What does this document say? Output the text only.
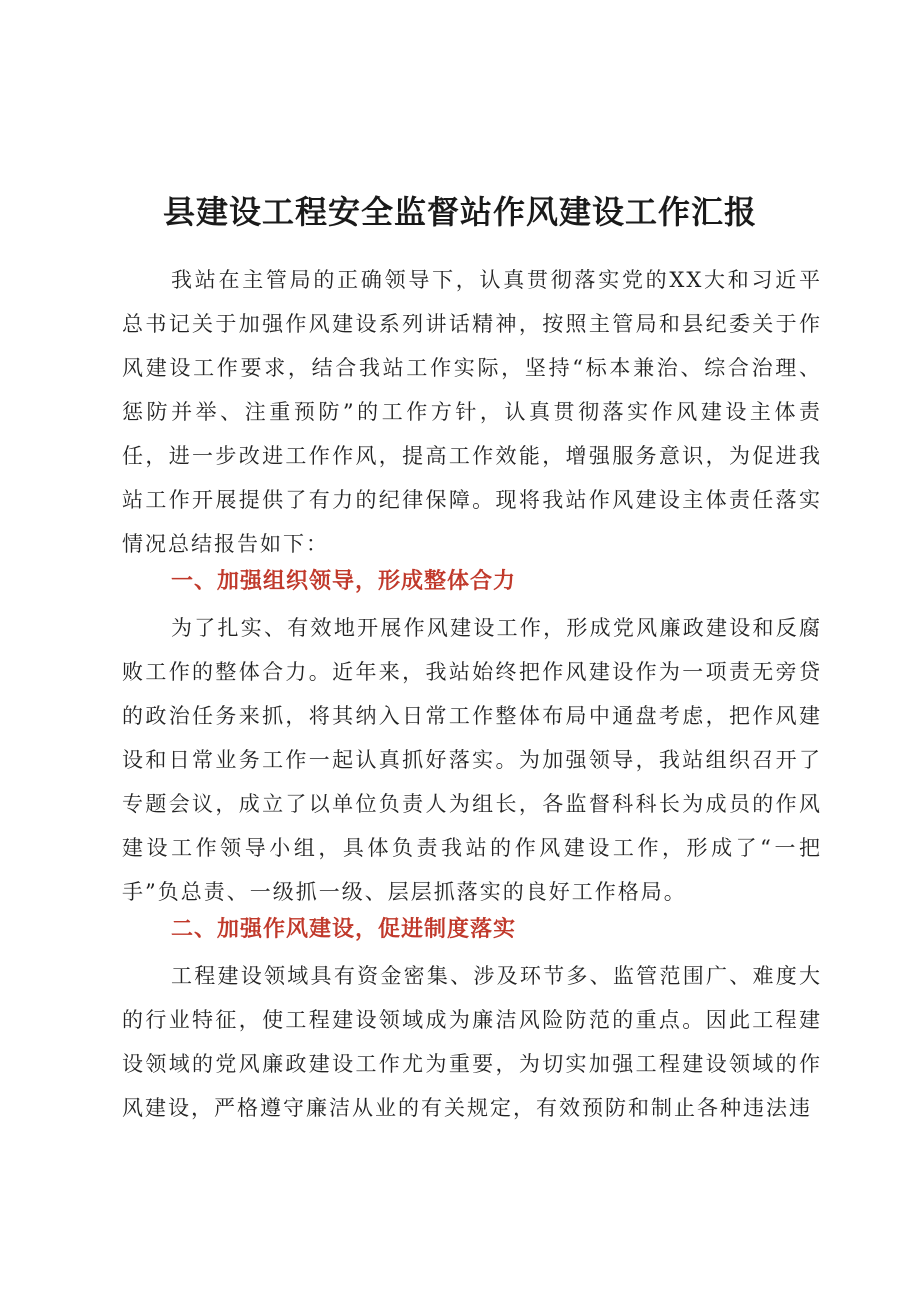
县建设工程安全监督站作风建设工作汇报

我站在主管局的正确领导下，认真贯彻落实党的XX大和习近平总书记关于加强作风建设系列讲话精神，按照主管局和县纪委关于作风建设工作要求，结合我站工作实际，坚持“标本兼治、综合治理、惩防并举、注重预防”的工作方针，认真贯彻落实作风建设主体责任，进一步改进工作作风，提高工作效能，增强服务意识，为促进我站工作开展提供了有力的纪律保障。现将我站作风建设主体责任落实情况总结报告如下：

一、加强组织领导，形成整体合力

为了扎实、有效地开展作风建设工作，形成党风廉政建设和反腐败工作的整体合力。近年来，我站始终把作风建设作为一项责无旁贷的政治任务来抓，将其纳入日常工作整体布局中通盘考虑，把作风建设和日常业务工作一起认真抓好落实。为加强领导，我站组织召开了专题会议，成立了以单位负责人为组长，各监督科科长为成员的作风建设工作领导小组，具体负责我站的作风建设工作，形成了“一把手”负总责、一级抓一级、层层抓落实的良好工作格局。

二、加强作风建设，促进制度落实

工程建设领域具有资金密集、涉及环节多、监管范围广、难度大的行业特征，使工程建设领域成为廉洁风险防范的重点。因此工程建设领域的党风廉政建设工作尤为重要，为切实加强工程建设领域的作风建设，严格遵守廉洁从业的有关规定，有效预防和制止各种违法违
